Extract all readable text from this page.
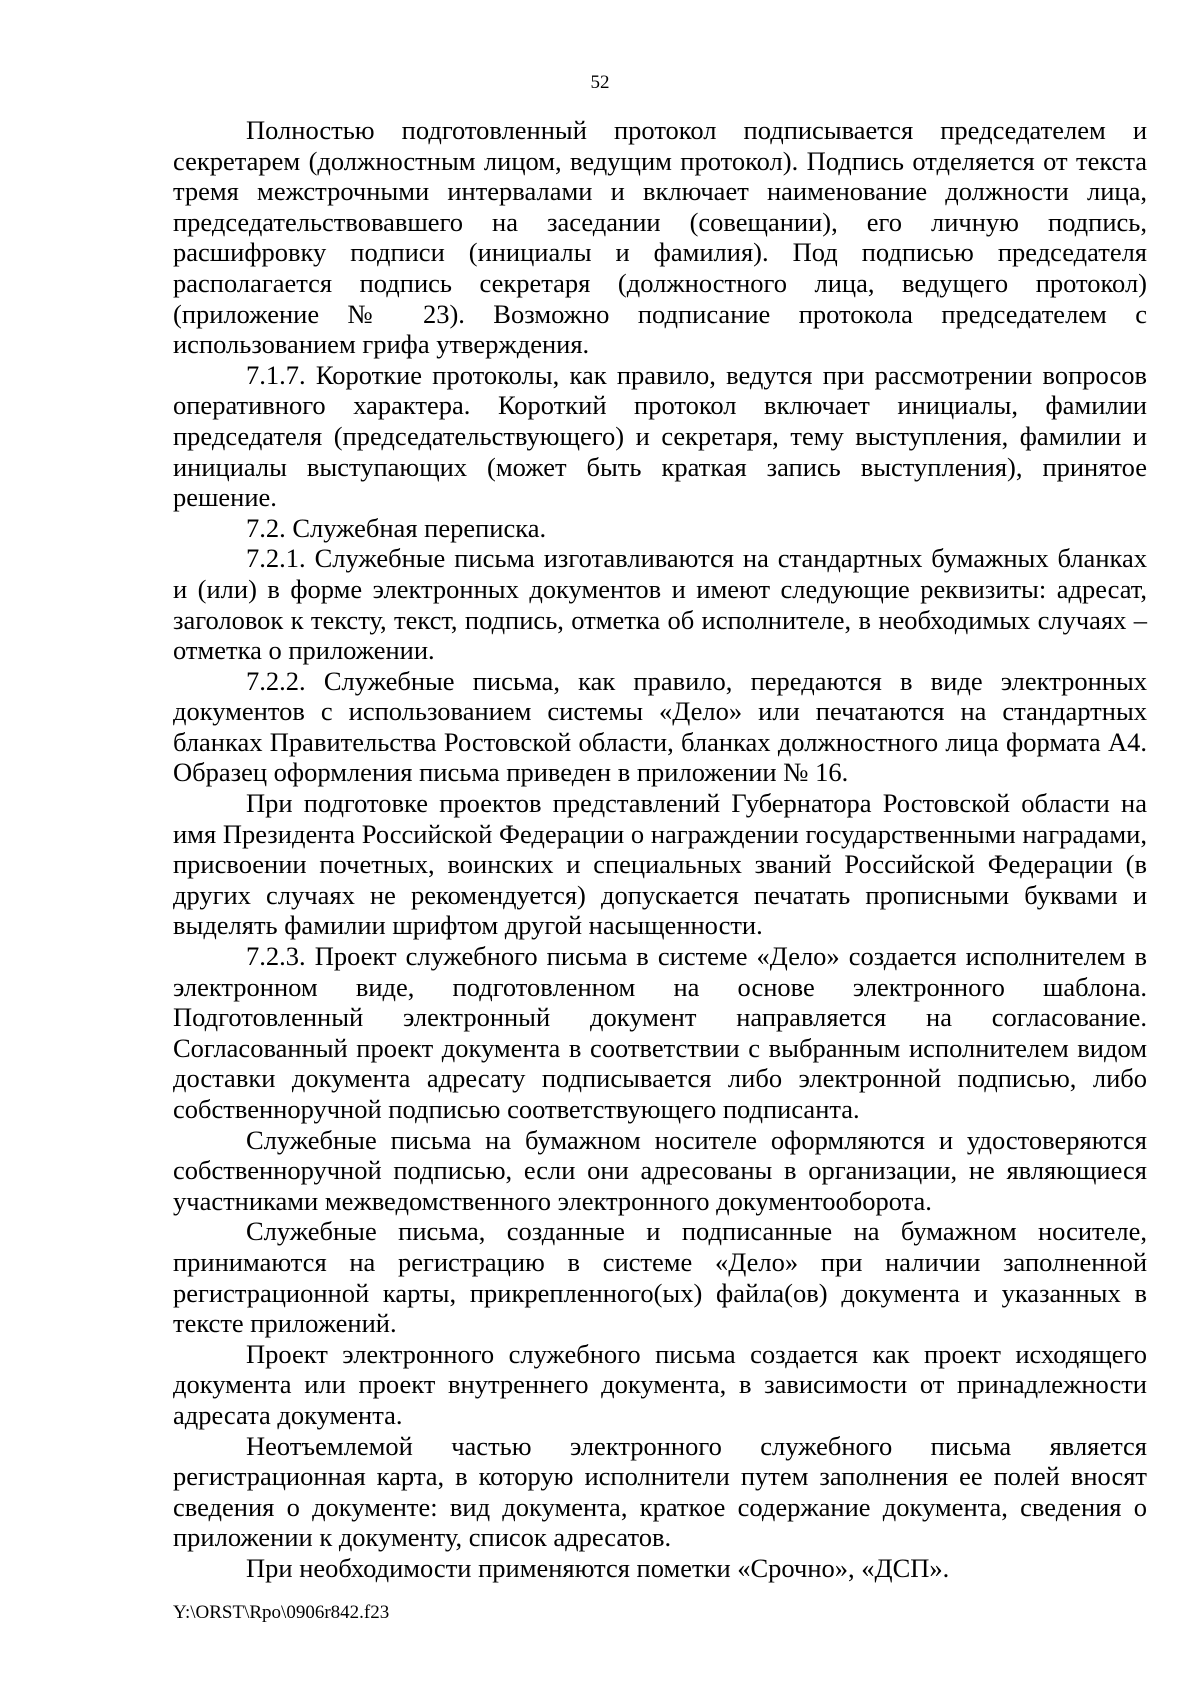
52

Полностью подготовленный протокол подписывается председателем и секретарем (должностным лицом, ведущим протокол). Подпись отделяется от текста тремя межстрочными интервалами и включает наименование должности лица, председательствовавшего на заседании (совещании), его личную подпись, расшифровку подписи (инициалы и фамилия). Под подписью председателя располагается подпись секретаря (должностного лица, ведущего протокол) (приложение № 23). Возможно подписание протокола председателем с использованием грифа утверждения.

7.1.7. Короткие протоколы, как правило, ведутся при рассмотрении вопросов оперативного характера. Короткий протокол включает инициалы, фамилии председателя (председательствующего) и секретаря, тему выступления, фамилии и инициалы выступающих (может быть краткая запись выступления), принятое решение.

7.2. Служебная переписка.

7.2.1. Служебные письма изготавливаются на стандартных бумажных бланках и (или) в форме электронных документов и имеют следующие реквизиты: адресат, заголовок к тексту, текст, подпись, отметка об исполнителе, в необходимых случаях – отметка о приложении.

7.2.2. Служебные письма, как правило, передаются в виде электронных документов с использованием системы «Дело» или печатаются на стандартных бланках Правительства Ростовской области, бланках должностного лица формата А4. Образец оформления письма приведен в приложении № 16.

При подготовке проектов представлений Губернатора Ростовской области на имя Президента Российской Федерации о награждении государственными наградами, присвоении почетных, воинских и специальных званий Российской Федерации (в других случаях не рекомендуется) допускается печатать прописными буквами и выделять фамилии шрифтом другой насыщенности.

7.2.3. Проект служебного письма в системе «Дело» создается исполнителем в электронном виде, подготовленном на основе электронного шаблона. Подготовленный электронный документ направляется на согласование. Согласованный проект документа в соответствии с выбранным исполнителем видом доставки документа адресату подписывается либо электронной подписью, либо собственноручной подписью соответствующего подписанта.

Служебные письма на бумажном носителе оформляются и удостоверяются собственноручной подписью, если они адресованы в организации, не являющиеся участниками межведомственного электронного документооборота.

Служебные письма, созданные и подписанные на бумажном носителе, принимаются на регистрацию в системе «Дело» при наличии заполненной регистрационной карты, прикрепленного(ых) файла(ов) документа и указанных в тексте приложений.

Проект электронного служебного письма создается как проект исходящего документа или проект внутреннего документа, в зависимости от принадлежности адресата документа.

Неотъемлемой частью электронного служебного письма является регистрационная карта, в которую исполнители путем заполнения ее полей вносят сведения о документе: вид документа, краткое содержание документа, сведения о приложении к документу, список адресатов.

При необходимости применяются пометки «Срочно», «ДСП».

Y:\ORST\Rpo\0906r842.f23
